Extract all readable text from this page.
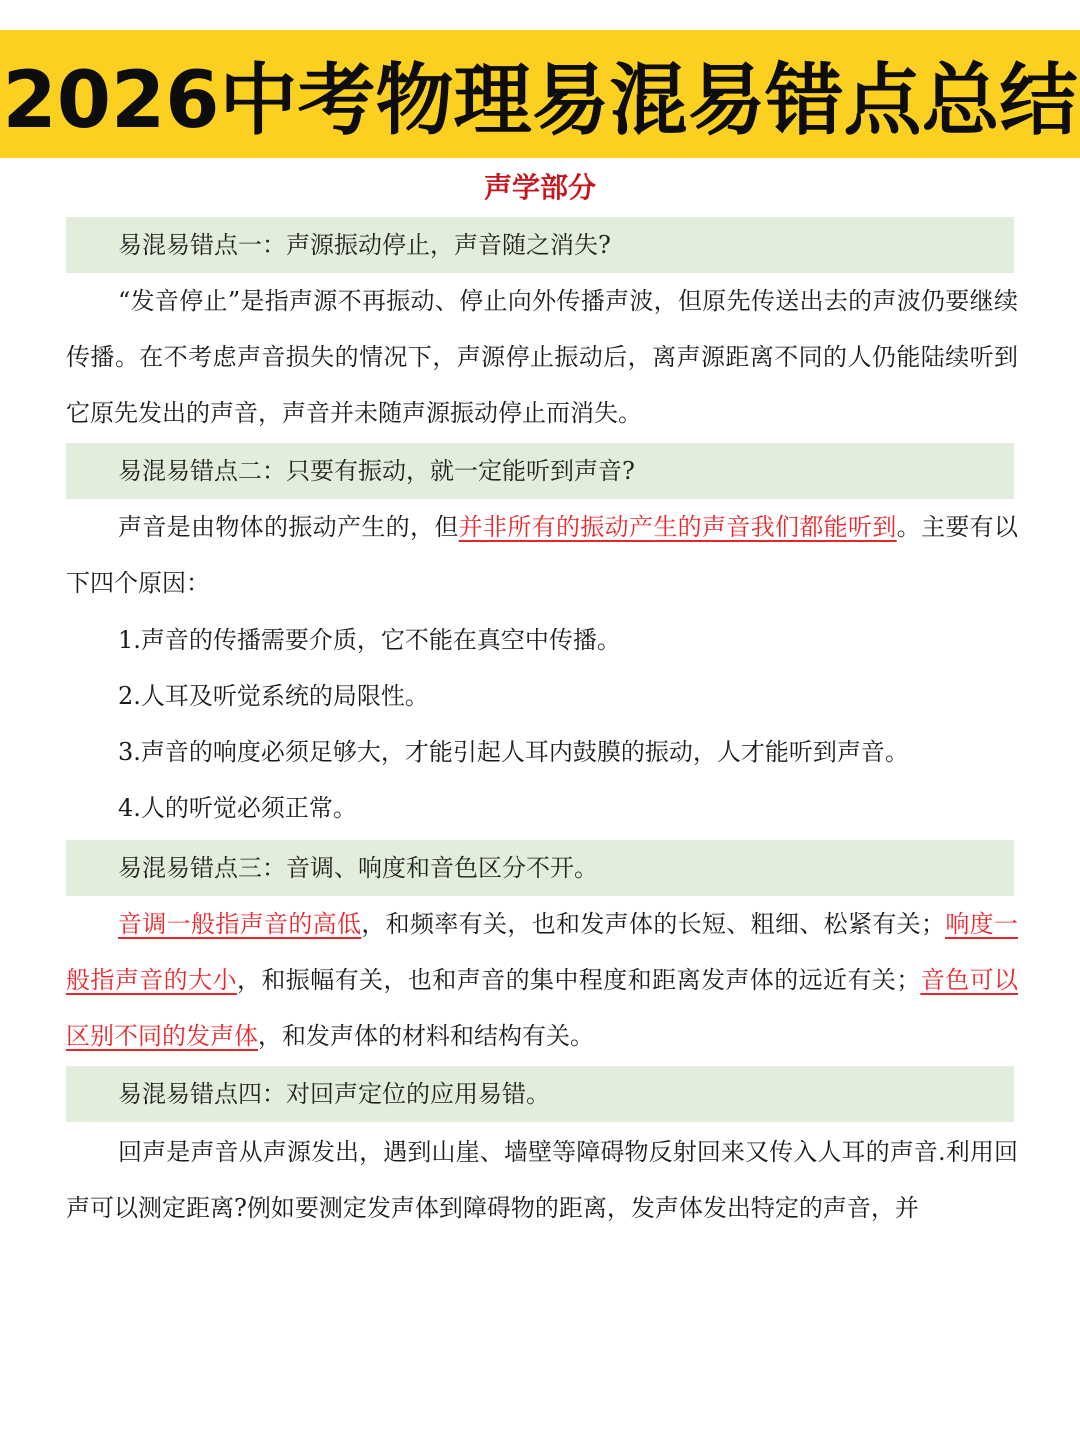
2026中考物理易混易错点总结
声学部分
易混易错点一：声源振动停止，声音随之消失?
“发音停止”是指声源不再振动、停止向外传播声波，但原先传送出去的声波仍要继续传播。在不考虑声音损失的情况下，声源停止振动后，离声源距离不同的人仍能陆续听到它原先发出的声音，声音并未随声源振动停止而消失。
易混易错点二：只要有振动，就一定能听到声音?
声音是由物体的振动产生的，但并非所有的振动产生的声音我们都能听到。主要有以下四个原因：
1.声音的传播需要介质，它不能在真空中传播。
2.人耳及听觉系统的局限性。
3.声音的响度必须足够大，才能引起人耳内鼓膜的振动，人才能听到声音。
4.人的听觉必须正常。
易混易错点三：音调、响度和音色区分不开。
音调一般指声音的高低，和频率有关，也和发声体的长短、粗细、松紧有关；响度一般指声音的大小，和振幅有关，也和声音的集中程度和距离发声体的远近有关；音色可以区别不同的发声体，和发声体的材料和结构有关。
易混易错点四：对回声定位的应用易错。
回声是声音从声源发出，遇到山崖、墙壁等障碍物反射回来又传入人耳的声音.利用回声可以测定距离?例如要测定发声体到障碍物的距离，发声体发出特定的声音，并
